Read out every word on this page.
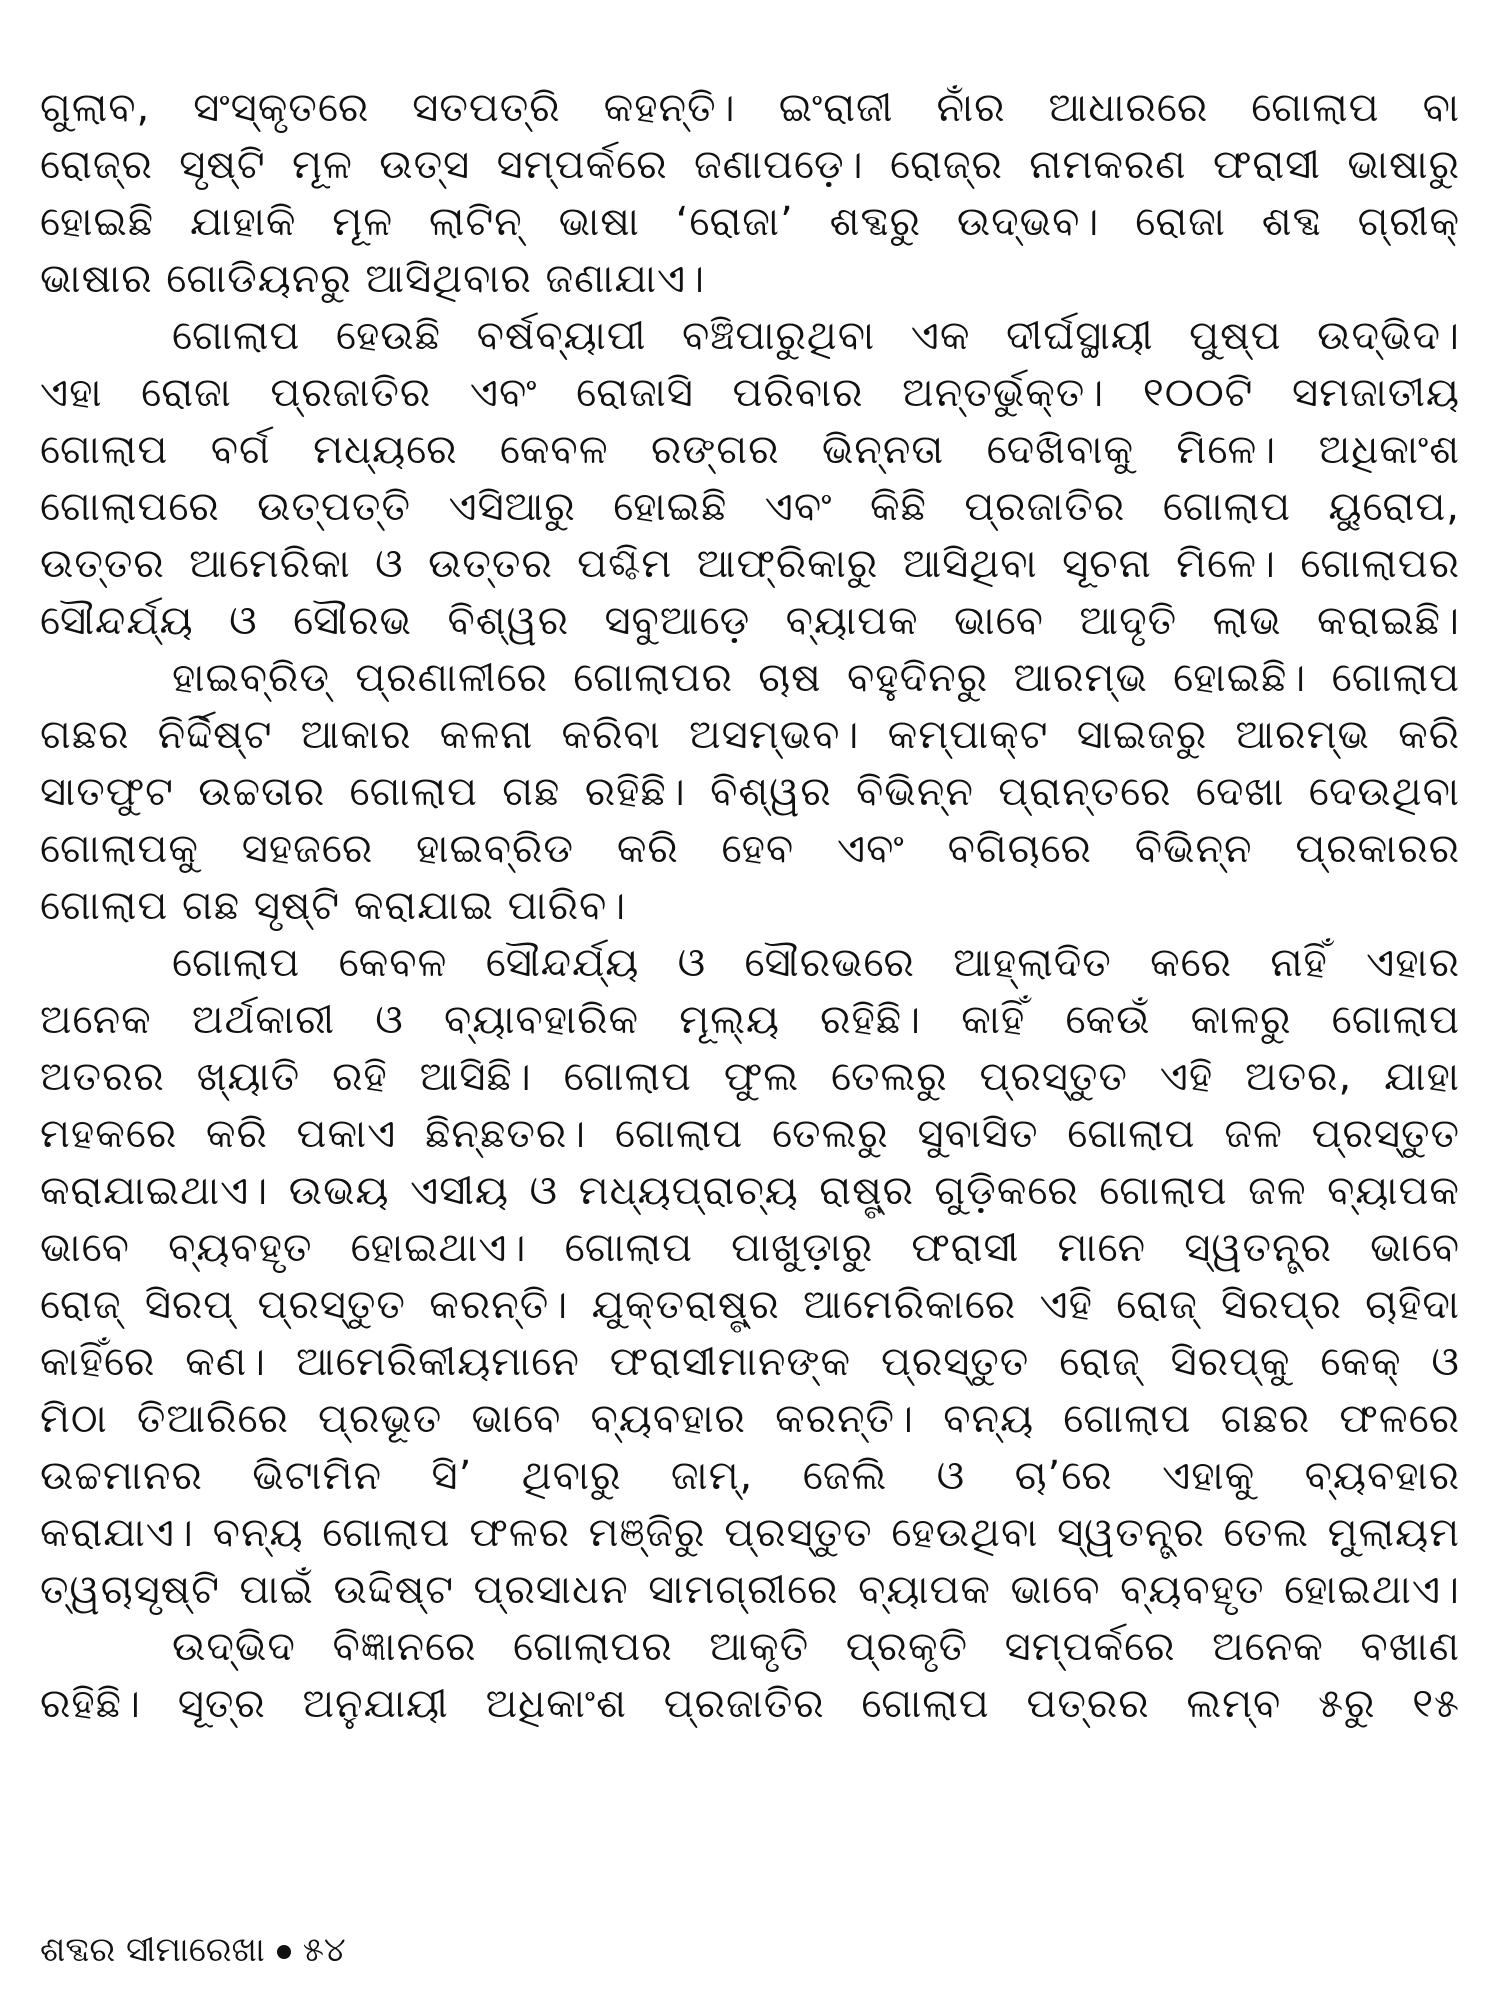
ଗୁଲାବ, ସଂସ୍କୃତରେ ସତପତ୍ରି କହନ୍ତି। ଇଂରାଜୀ ନାଁର ଆଧାରରେ ଗୋଲାପ ବା
ରୋଜ୍‌ର ସୃଷ୍ଟି ମୂଳ ଉତ୍ସ ସମ୍ପର୍କରେ ଜଣାପଡ଼େ। ରୋଜ୍‌ର ନାମକରଣ ଫରାସୀ ଭାଷାରୁ
ହୋଇଛି ଯାହାକି ମୂଳ ଲାଟିନ୍ ଭାଷା ‘ରୋଜା’ ଶବ୍ଦରୁ ଉଦ୍ଭବ। ରୋଜା ଶବ୍ଦ ଗ୍ରୀକ୍
ଭାଷାର ଗୋଡିୟନରୁ ଆସିଥିବାର ଜଣାଯାଏ।
ଗୋଲାପ ହେଉଛି ବର୍ଷବ୍ୟାପୀ ବଞ୍ଚିପାରୁଥିବା ଏକ ଦୀର୍ଘସ୍ଥାୟୀ ପୁଷ୍ପ ଉଦ୍ଭିଦ।
ଏହା ରୋଜା ପ୍ରଜାତିର ଏବଂ ରୋଜାସି ପରିବାର ଅନ୍ତର୍ଭୁକ୍ତ। ୧୦୦ଟି ସମଜାତୀୟ
ଗୋଲାପ ବର୍ଗ ମଧ୍ୟରେ କେବଳ ରଙ୍ଗର ଭିନ୍ନତା ଦେଖିବାକୁ ମିଳେ। ଅଧିକାଂଶ
ଗୋଲାପରେ ଉତ୍ପତ୍ତି ଏସିଆରୁ ହୋଇଛି ଏବଂ କିଛି ପ୍ରଜାତିର ଗୋଲାପ ୟୁରୋପ,
ଉତ୍ତର ଆମେରିକା ଓ ଉତ୍ତର ପଶ୍ଚିମ ଆଫ୍ରିକାରୁ ଆସିଥିବା ସୂଚନା ମିଳେ। ଗୋଲାପର
ସୌନ୍ଦର୍ଯ୍ୟ ଓ ସୌରଭ ବିଶ୍ୱର ସବୁଆଡ଼େ ବ୍ୟାପକ ଭାବେ ଆଦୃତି ଲାଭ କରାଇଛି।
ହାଇବ୍ରିଡ୍ ପ୍ରଣାଳୀରେ ଗୋଲାପର ଚାଷ ବହୁଦିନରୁ ଆରମ୍ଭ ହୋଇଛି। ଗୋଲାପ
ଗଛର ନିର୍ଦ୍ଦିଷ୍ଟ ଆକାର କଳନା କରିବା ଅସମ୍ଭବ। କମ୍ପାକ୍ଟ ସାଇଜରୁ ଆରମ୍ଭ କରି
ସାତଫୁଟ ଉଚ୍ଚତାର ଗୋଲାପ ଗଛ ରହିଛି। ବିଶ୍ୱର ବିଭିନ୍ନ ପ୍ରାନ୍ତରେ ଦେଖା ଦେଉଥିବା
ଗୋଲାପକୁ ସହଜରେ ହାଇବ୍ରିଡ କରି ହେବ ଏବଂ ବଗିଚାରେ ବିଭିନ୍ନ ପ୍ରକାରର
ଗୋଲାପ ଗଛ ସୃଷ୍ଟି କରାଯାଇ ପାରିବ।
ଗୋଲାପ କେବଳ ସୌନ୍ଦର୍ଯ୍ୟ ଓ ସୌରଭରେ ଆହ୍ଲାଦିତ କରେ ନାହିଁ ଏହାର
ଅନେକ ଅର୍ଥକାରୀ ଓ ବ୍ୟାବହାରିକ ମୂଲ୍ୟ ରହିଛି। କାହିଁ କେଉଁ କାଳରୁ ଗୋଲାପ
ଅତରର ଖ୍ୟାତି ରହି ଆସିଛି। ଗୋଲାପ ଫୁଲ ତେଲରୁ ପ୍ରସ୍ତୁତ ଏହି ଅତର, ଯାହା
ମହକରେ କରି ପକାଏ ଛିନ୍‌ଛତର। ଗୋଲାପ ତେଲରୁ ସୁବାସିତ ଗୋଲାପ ଜଳ ପ୍ରସ୍ତୁତ
କରାଯାଇଥାଏ। ଉଭୟ ଏସୀୟ ଓ ମଧ୍ୟପ୍ରାଚ୍ୟ ରାଷ୍ଟ୍ର ଗୁଡ଼ିକରେ ଗୋଲାପ ଜଳ ବ୍ୟାପକ
ଭାବେ ବ୍ୟବହୃତ ହୋଇଥାଏ। ଗୋଲାପ ପାଖୁଡ଼ାରୁ ଫରାସୀ ମାନେ ସ୍ୱତନ୍ତ୍ର ଭାବେ
ରୋଜ୍ ସିରପ୍ ପ୍ରସ୍ତୁତ କରନ୍ତି। ଯୁକ୍ତରାଷ୍ଟ୍ର ଆମେରିକାରେ ଏହି ରୋଜ୍ ସିରପ୍‌ର ଚାହିଦା
କାହିଁରେ କଣ। ଆମେରିକୀୟମାନେ ଫରାସୀମାନଙ୍କ ପ୍ରସ୍ତୁତ ରୋଜ୍ ସିରପ୍‌କୁ କେକ୍ ଓ
ମିଠା ତିଆରିରେ ପ୍ରଭୂତ ଭାବେ ବ୍ୟବହାର କରନ୍ତି। ବନ୍ୟ ଗୋଲାପ ଗଛର ଫଳରେ
ଉଚ୍ଚମାନର ଭିଟାମିନ ସି’ ଥିବାରୁ ଜାମ୍, ଜେଲି ଓ ଚା’ରେ ଏହାକୁ ବ୍ୟବହାର
କରାଯାଏ। ବନ୍ୟ ଗୋଲାପ ଫଳର ମଞ୍ଜିରୁ ପ୍ରସ୍ତୁତ ହେଉଥିବା ସ୍ୱତନ୍ତ୍ର ତେଲ ମୁଲାୟମ
ତ୍ୱଚାସୃଷ୍ଟି ପାଇଁ ଉଦ୍ଦିଷ୍ଟ ପ୍ରସାଧନ ସାମଗ୍ରୀରେ ବ୍ୟାପକ ଭାବେ ବ୍ୟବହୃତ ହୋଇଥାଏ।
ଉଦ୍ଭିଦ ବିଜ୍ଞାନରେ ଗୋଲାପର ଆକୃତି ପ୍ରକୃତି ସମ୍ପର୍କରେ ଅନେକ ବଖାଣ
ରହିଛି। ସୂତ୍ର ଅନୁଯାୟୀ ଅଧିକାଂଶ ପ୍ରଜାତିର ଗୋଲାପ ପତ୍ରର ଲମ୍ବ ୫ରୁ ୧୫
ଶବ୍ଦର ସୀମାରେଖା ୫୪
